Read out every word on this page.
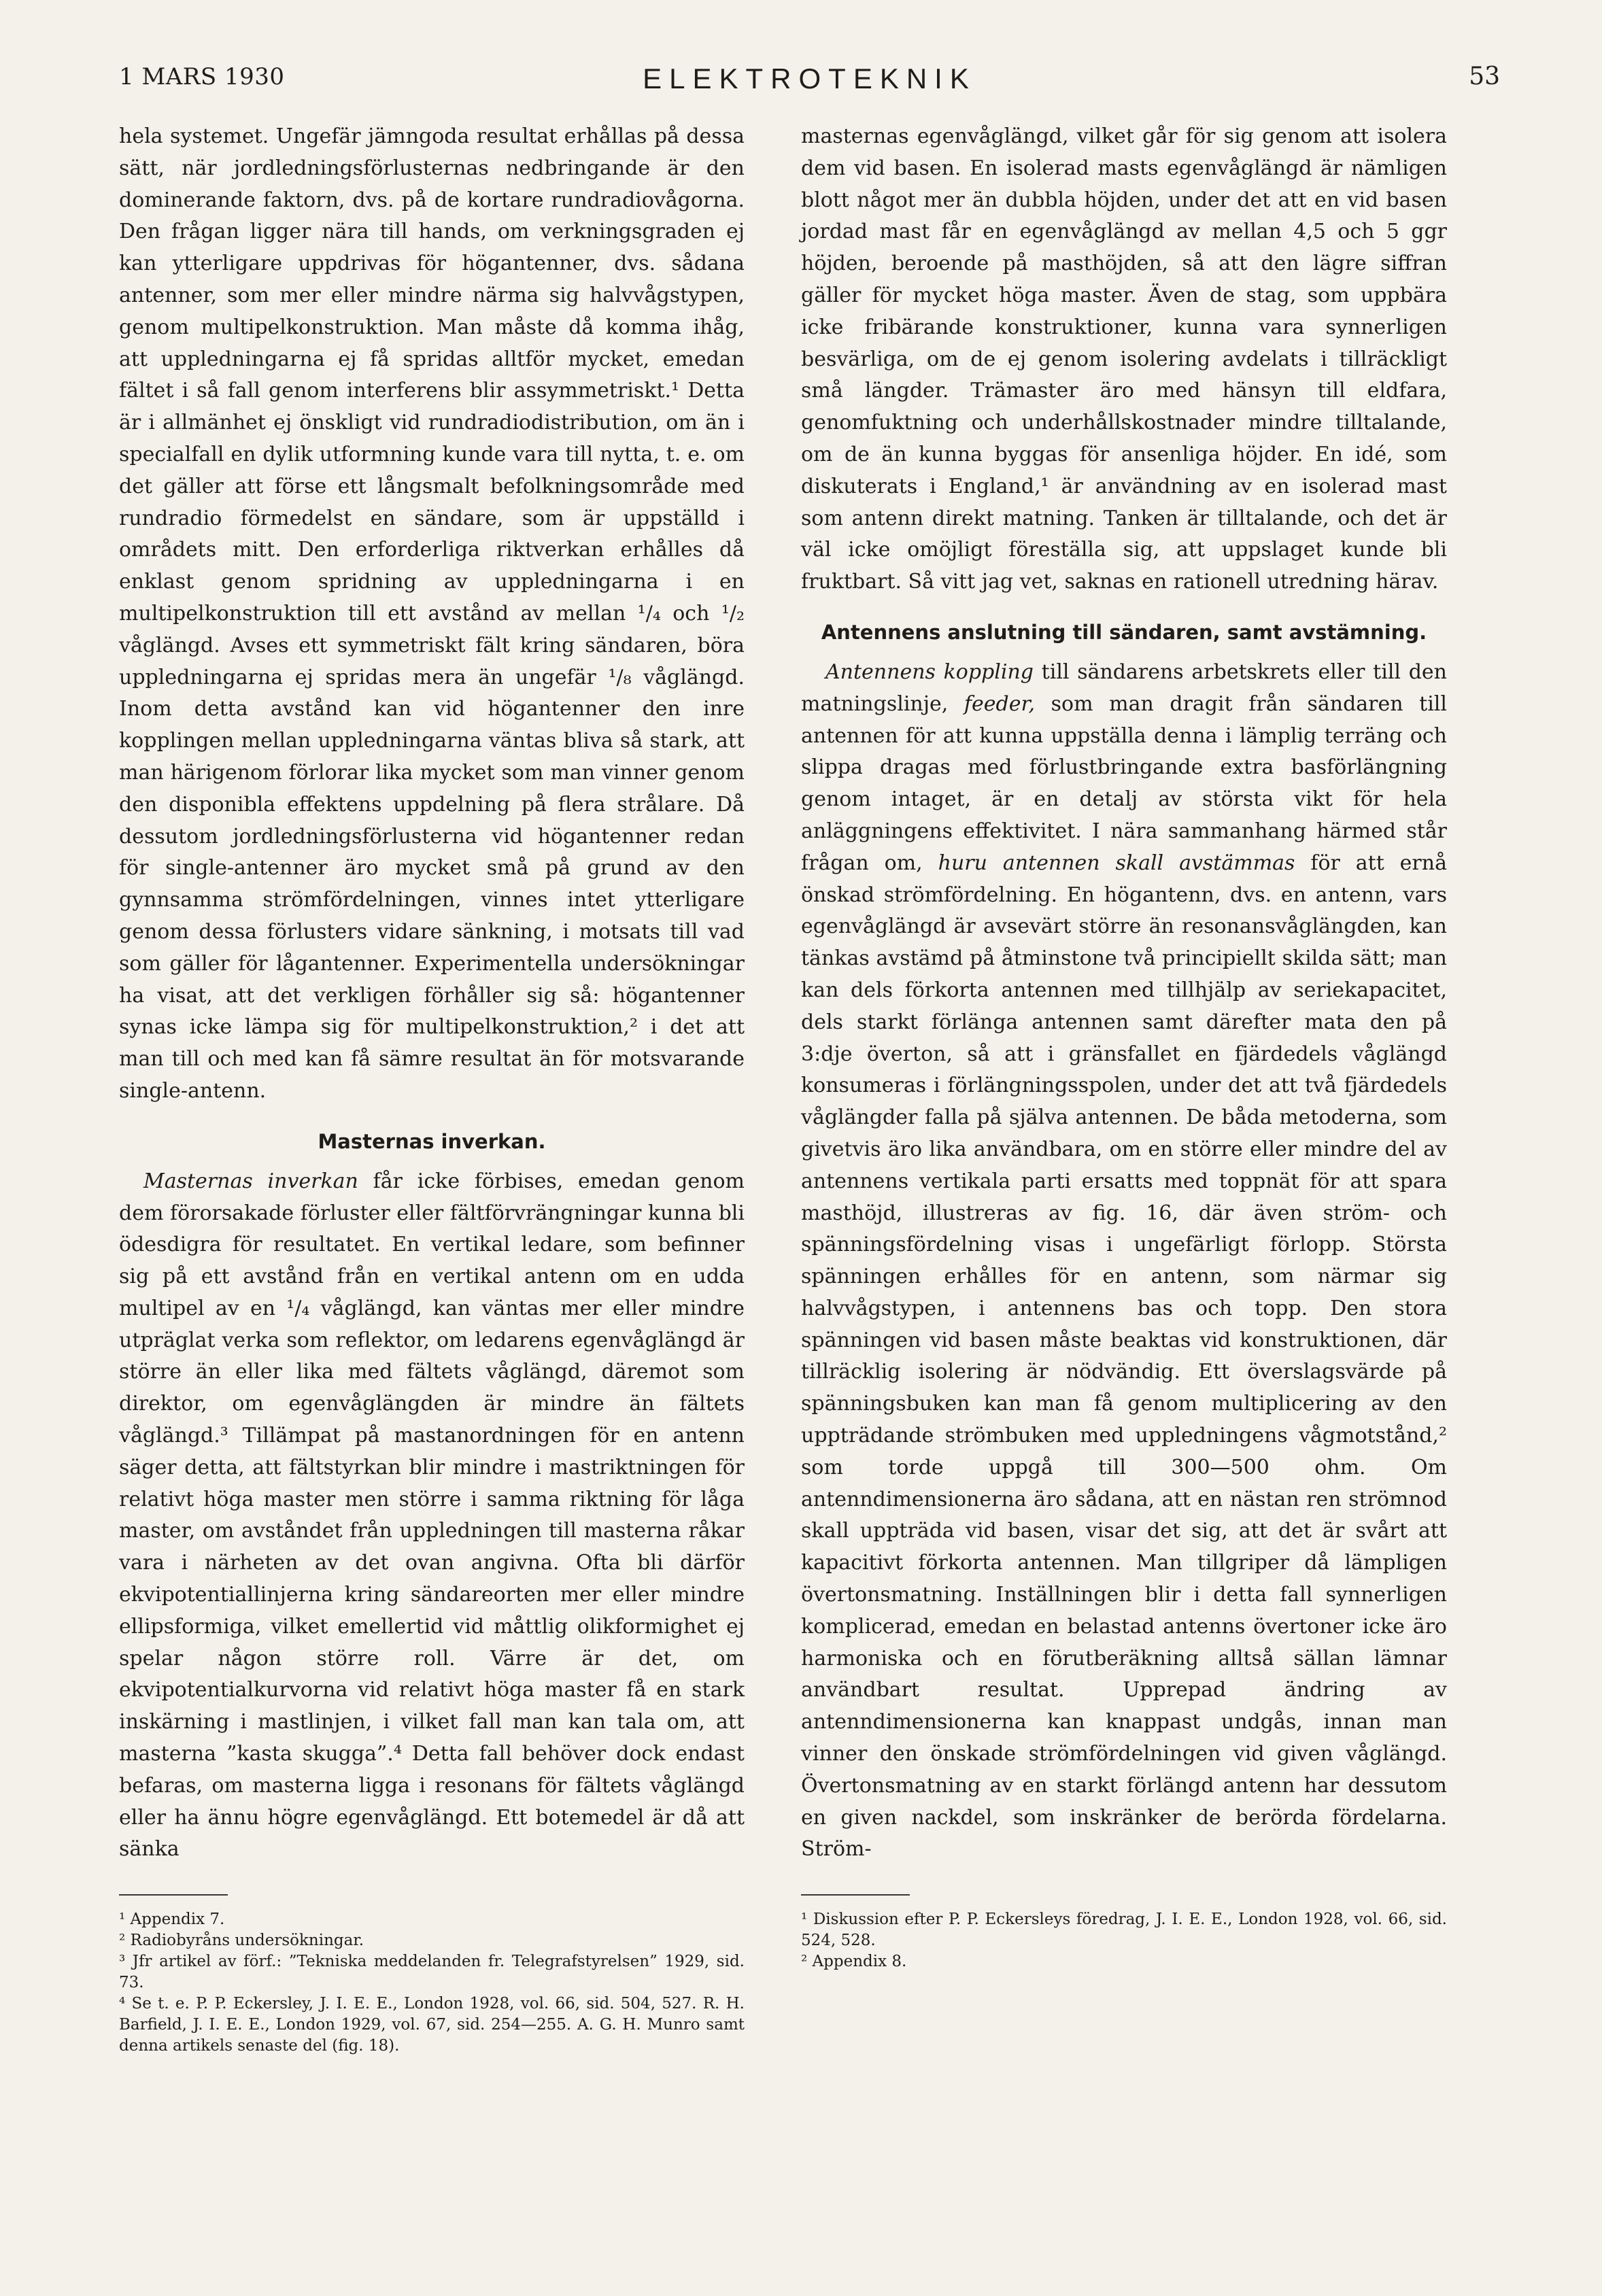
1 MARS 1930	ELEKTROTEKNIK	53

hela systemet. Ungefär jämngoda resultat erhållas på dessa sätt, när jordledningsförlusternas nedbringande är den dominerande faktorn, dvs. på de kortare rundradiovågorna. Den frågan ligger nära till hands, om verkningsgraden ej kan ytterligare uppdrivas för högantenner, dvs. sådana antenner, som mer eller mindre närma sig halvvågstypen, genom multipelkonstruktion. Man måste då komma ihåg, att uppledningarna ej få spridas alltför mycket, emedan fältet i så fall genom interferens blir assymmetriskt.¹ Detta är i allmänhet ej önskligt vid rundradiodistribution, om än i specialfall en dylik utformning kunde vara till nytta, t. e. om det gäller att förse ett långsmalt befolkningsområde med rundradio förmedelst en sändare, som är uppställd i områdets mitt. Den erforderliga riktverkan erhålles då enklast genom spridning av uppledningarna i en multipelkonstruktion till ett avstånd av mellan ¹/₄ och ¹/₂ våglängd. Avses ett symmetriskt fält kring sändaren, böra uppledningarna ej spridas mera än ungefär ¹/₈ våglängd. Inom detta avstånd kan vid högantenner den inre kopplingen mellan uppledningarna väntas bliva så stark, att man härigenom förlorar lika mycket som man vinner genom den disponibla effektens uppdelning på flera strålare. Då dessutom jordledningsförlusterna vid högantenner redan för single-antenner äro mycket små på grund av den gynnsamma strömfördelningen, vinnes intet ytterligare genom dessa förlusters vidare sänkning, i motsats till vad som gäller för lågantenner. Experimentella undersökningar ha visat, att det verkligen förhåller sig så: högantenner synas icke lämpa sig för multipelkonstruktion,² i det att man till och med kan få sämre resultat än för motsvarande single-antenn.

Masternas inverkan.

Masternas inverkan får icke förbises, emedan genom dem förorsakade förluster eller fältförvrängningar kunna bli ödesdigra för resultatet. En vertikal ledare, som befinner sig på ett avstånd från en vertikal antenn om en udda multipel av en ¹/₄ våglängd, kan väntas mer eller mindre utpräglat verka som reflektor, om ledarens egenvåglängd är större än eller lika med fältets våglängd, däremot som direktor, om egenvåglängden är mindre än fältets våglängd.³ Tillämpat på mastanordningen för en antenn säger detta, att fältstyrkan blir mindre i mastriktningen för relativt höga master men större i samma riktning för låga master, om avståndet från uppledningen till masterna råkar vara i närheten av det ovan angivna. Ofta bli därför ekvipotentiallinjerna kring sändareorten mer eller mindre ellipsformiga, vilket emellertid vid måttlig olikformighet ej spelar någon större roll. Värre är det, om ekvipotentialkurvorna vid relativt höga master få en stark inskärning i mastlinjen, i vilket fall man kan tala om, att masterna ”kasta skugga”.⁴ Detta fall behöver dock endast befaras, om masterna ligga i resonans för fältets våglängd eller ha ännu högre egenvåglängd. Ett botemedel är då att sänka

¹ Appendix 7.

² Radiobyråns undersökningar.

³ Jfr artikel av förf.: ”Tekniska meddelanden fr. Telegrafstyrelsen” 1929, sid. 73.

⁴ Se t. e. P. P. Eckersley, J. I. E. E., London 1928, vol. 66, sid. 504, 527. R. H. Barfield, J. I. E. E., London 1929, vol. 67, sid. 254—255. A. G. H. Munro samt denna artikels senaste del (fig. 18).

masternas egenvåglängd, vilket går för sig genom att isolera dem vid basen. En isolerad masts egenvåglängd är nämligen blott något mer än dubbla höjden, under det att en vid basen jordad mast får en egenvåglängd av mellan 4,5 och 5 ggr höjden, beroende på masthöjden, så att den lägre siffran gäller för mycket höga master. Även de stag, som uppbära icke fribärande konstruktioner, kunna vara synnerligen besvärliga, om de ej genom isolering avdelats i tillräckligt små längder. Trämaster äro med hänsyn till eldfara, genomfuktning och underhållskostnader mindre tilltalande, om de än kunna byggas för ansenliga höjder. En idé, som diskuterats i England,¹ är användning av en isolerad mast som antenn direkt matning. Tanken är tilltalande, och det är väl icke omöjligt föreställa sig, att uppslaget kunde bli fruktbart. Så vitt jag vet, saknas en rationell utredning härav.

Antennens anslutning till sändaren, samt avstämning.

Antennens koppling till sändarens arbetskrets eller till den matningslinje, feeder, som man dragit från sändaren till antennen för att kunna uppställa denna i lämplig terräng och slippa dragas med förlustbringande extra basförlängning genom intaget, är en detalj av största vikt för hela anläggningens effektivitet. I nära sammanhang härmed står frågan om, huru antennen skall avstämmas för att ernå önskad strömfördelning. En högantenn, dvs. en antenn, vars egenvåglängd är avsevärt större än resonansvåglängden, kan tänkas avstämd på åtminstone två principiellt skilda sätt; man kan dels förkorta antennen med tillhjälp av seriekapacitet, dels starkt förlänga antennen samt därefter mata den på 3:dje överton, så att i gränsfallet en fjärdedels våglängd konsumeras i förlängningsspolen, under det att två fjärdedels våglängder falla på själva antennen. De båda metoderna, som givetvis äro lika användbara, om en större eller mindre del av antennens vertikala parti ersatts med toppnät för att spara masthöjd, illustreras av fig. 16, där även ström- och spänningsfördelning visas i ungefärligt förlopp. Största spänningen erhålles för en antenn, som närmar sig halvvågstypen, i antennens bas och topp. Den stora spänningen vid basen måste beaktas vid konstruktionen, där tillräcklig isolering är nödvändig. Ett överslagsvärde på spänningsbuken kan man få genom multiplicering av den uppträdande strömbuken med uppledningens vågmotstånd,² som torde uppgå till 300—500 ohm. Om antenndimensionerna äro sådana, att en nästan ren strömnod skall uppträda vid basen, visar det sig, att det är svårt att kapacitivt förkorta antennen. Man tillgriper då lämpligen övertonsmatning. Inställningen blir i detta fall synnerligen komplicerad, emedan en belastad antenns övertoner icke äro harmoniska och en förutberäkning alltså sällan lämnar användbart resultat. Upprepad ändring av antenndimensionerna kan knappast undgås, innan man vinner den önskade strömfördelningen vid given våglängd. Övertonsmatning av en starkt förlängd antenn har dessutom en given nackdel, som inskränker de berörda fördelarna. Ström-

¹ Diskussion efter P. P. Eckersleys föredrag, J. I. E. E., London 1928, vol. 66, sid. 524, 528.

² Appendix 8.
